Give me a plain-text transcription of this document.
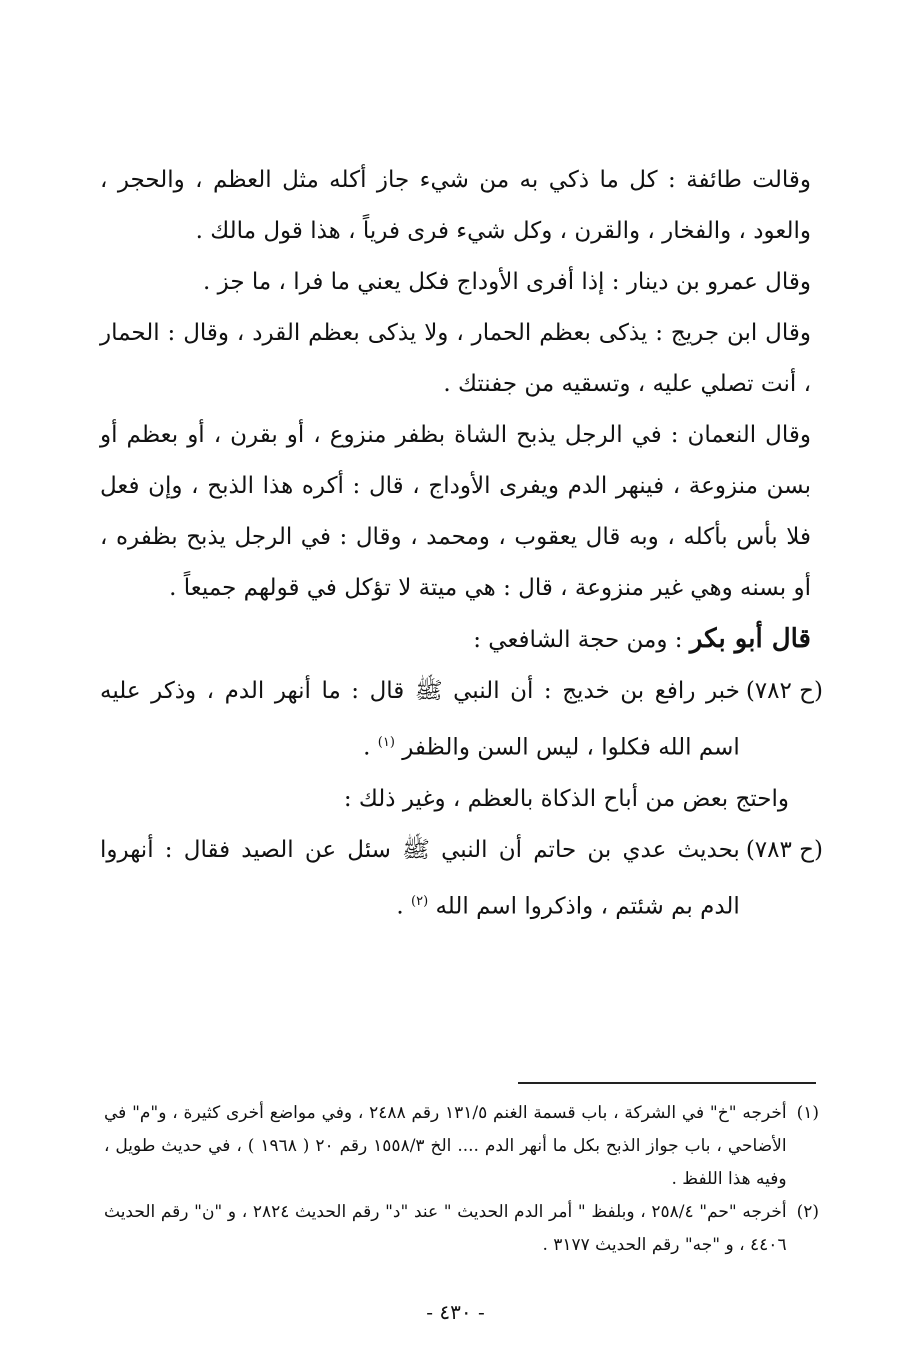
وقالت طائفة : كل ما ذكي به من شيء جاز أكله مثل العظم ، والحجر ، والعود ، والفخار ، والقرن ، وكل شيء فرى فرياً ، هذا قول مالك .

وقال عمرو بن دينار : إذا أفرى الأوداج فكل يعني ما فرا ، ما جز .

وقال ابن جريج : يذكى بعظم الحمار ، ولا يذكى بعظم القرد ، وقال : الحمار ، أنت تصلي عليه ، وتسقيه من جفنتك .

وقال النعمان : في الرجل يذبح الشاة بظفر منزوع ، أو بقرن ، أو بعظم أو بسن منزوعة ، فينهر الدم ويفرى الأوداج ، قال : أكره هذا الذبح ، وإن فعل فلا بأس بأكله ، وبه قال يعقوب ، ومحمد ، وقال : في الرجل يذبح بظفره ، أو بسنه وهي غير منزوعة ، قال : هي ميتة لا تؤكل في قولهم جميعاً .

قال أبو بكر : ومن حجة الشافعي :

(ح ٧٨٢)

خبر رافع بن خديج : أن النبي ﷺ قال : ما أنهر الدم ، وذكر عليه اسم الله فكلوا ، ليس السن والظفر $^{(١)}$ .

واحتج بعض من أباح الذكاة بالعظم ، وغير ذلك :

(ح ٧٨٣)

بحديث عدي بن حاتم أن النبي ﷺ سئل عن الصيد فقال : أنهروا الدم بم شئتم ، واذكروا اسم الله $^{(٢)}$ .

(١)
أخرجه "خ" في الشركة ، باب قسمة الغنم ١٣١/٥ رقم ٢٤٨٨ ، وفي مواضع أخرى كثيرة ، و"م" في الأضاحي ، باب جواز الذبح بكل ما أنهر الدم .... الخ ١٥٥٨/٣ رقم ٢٠ ( ١٩٦٨ ) ، في حديث طويل ، وفيه هذا اللفظ .
(٢)
أخرجه "حم" ٢٥٨/٤ ، وبلفظ " أمر الدم الحديث " عند "د" رقم الحديث ٢٨٢٤ ، و "ن" رقم الحديث ٤٤٠٦ ، و "جه" رقم الحديث ٣١٧٧ .
- ٤٣٠ -
